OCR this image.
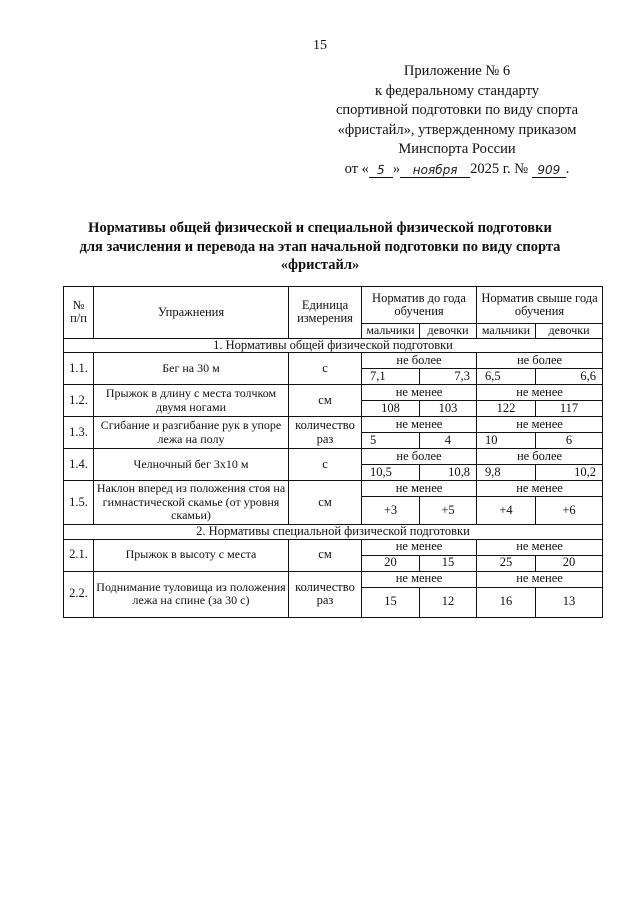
15
Приложение № 6
к федеральному стандарту
спортивной подготовки по виду спорта
«фристайл», утвержденному приказом
Минспорта России
от « 5 » ноября 2025 г. № 909 .
Нормативы общей физической и специальной физической подготовки
для зачисления и перевода на этап начальной подготовки по виду спорта
«фристайл»
№ п/п	Упражнения	Единица измерения	Норматив до года обучения		Норматив свыше года обучения	
			мальчики	девочки	мальчики	девочки
1. Нормативы общей физической подготовки						
1.1.	Бег на 30 м	с	не более		не более	
			7,1	7,3	6,5	6,6
1.2.	Прыжок в длину с места толчком двумя ногами	см	не менее		не менее	
			108	103	122	117
1.3.	Сгибание и разгибание рук в упоре лежа на полу	количество раз	не менее		не менее	
			5	4	10	6
1.4.	Челночный бег 3х10 м	с	не более		не более	
			10,5	10,8	9,8	10,2
1.5.	Наклон вперед из положения стоя на гимнастической скамье (от уровня скамьи)	см	не менее		не менее	
			+3	+5	+4	+6
2. Нормативы специальной физической подготовки						
2.1.	Прыжок в высоту с места	см	не менее		не менее	
			20	15	25	20
2.2.	Поднимание туловища из положения лежа на спине (за 30 с)	количество раз	не менее		не менее	
			15	12	16	13
